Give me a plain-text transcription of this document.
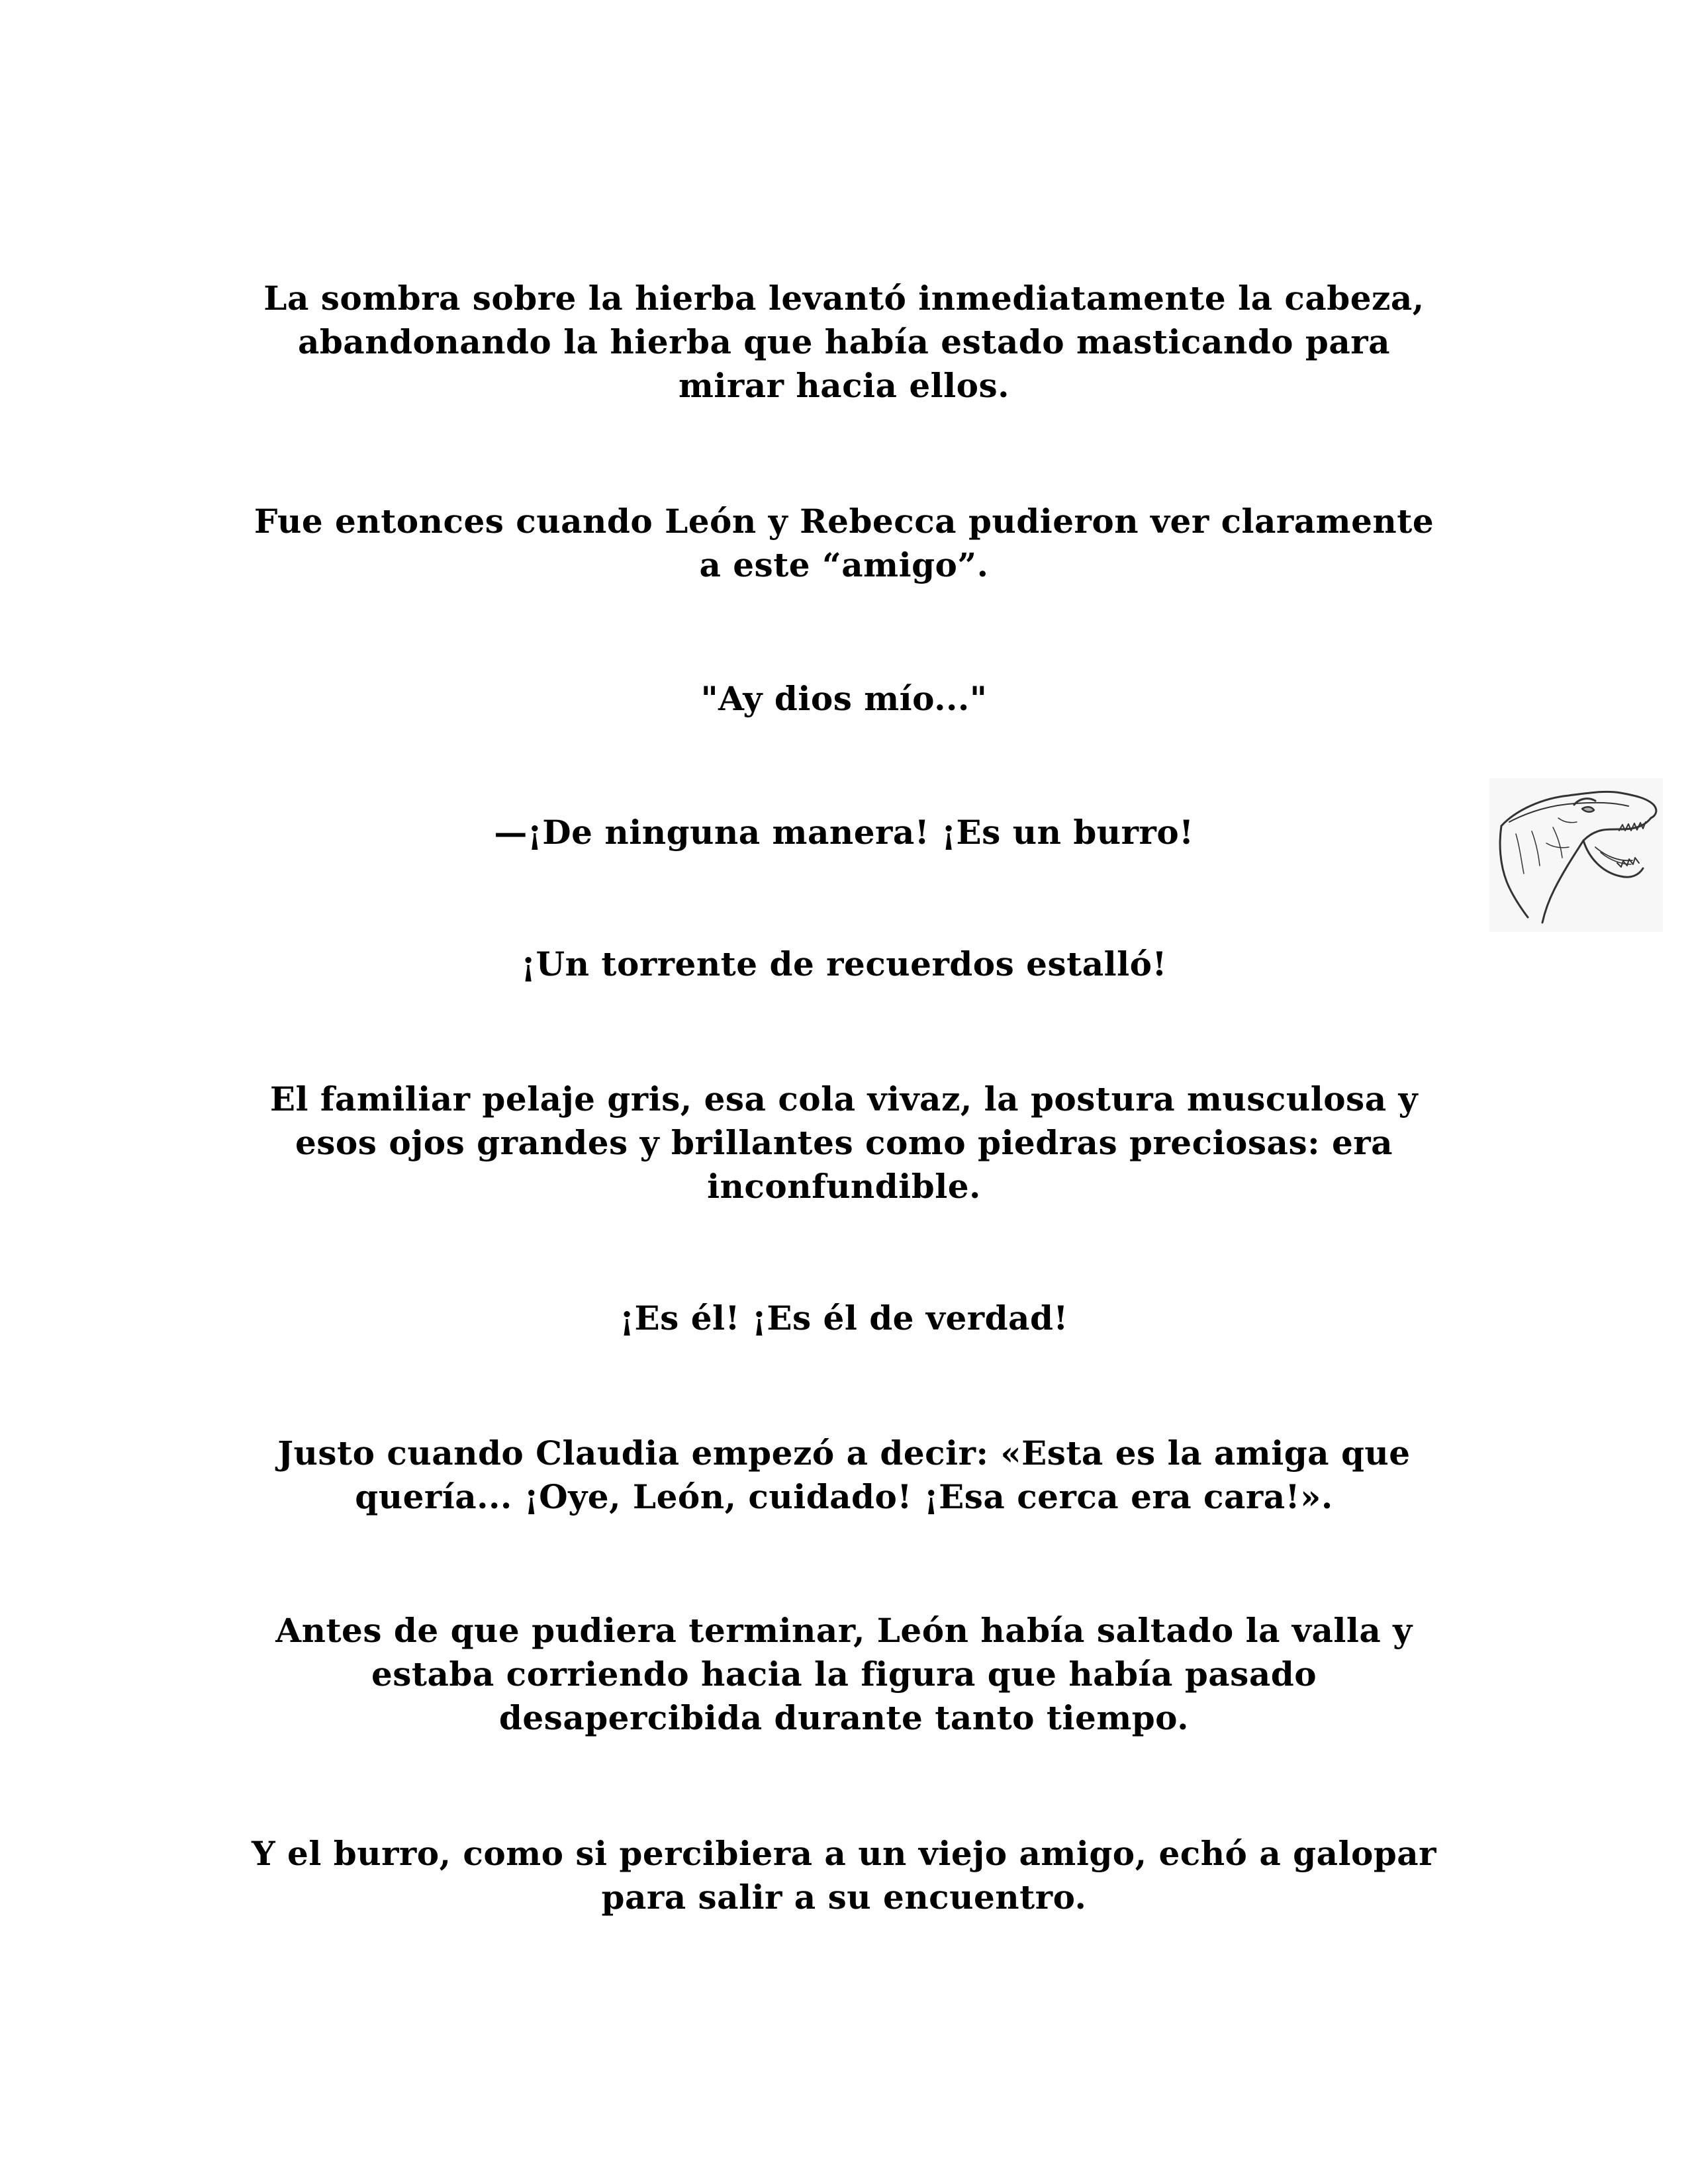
La sombra sobre la hierba levantó inmediatamente la cabeza,
abandonando la hierba que había estado masticando para
mirar hacia ellos.

Fue entonces cuando León y Rebecca pudieron ver claramente
a este “amigo”.

"Ay dios mío..."

—¡De ninguna manera! ¡Es un burro!

¡Un torrente de recuerdos estalló!

El familiar pelaje gris, esa cola vivaz, la postura musculosa y
esos ojos grandes y brillantes como piedras preciosas: era
inconfundible.

¡Es él! ¡Es él de verdad!

Justo cuando Claudia empezó a decir: «Esta es la amiga que
quería... ¡Oye, León, cuidado! ¡Esa cerca era cara!».

Antes de que pudiera terminar, León había saltado la valla y
estaba corriendo hacia la figura que había pasado
desapercibida durante tanto tiempo.

Y el burro, como si percibiera a un viejo amigo, echó a galopar
para salir a su encuentro.
